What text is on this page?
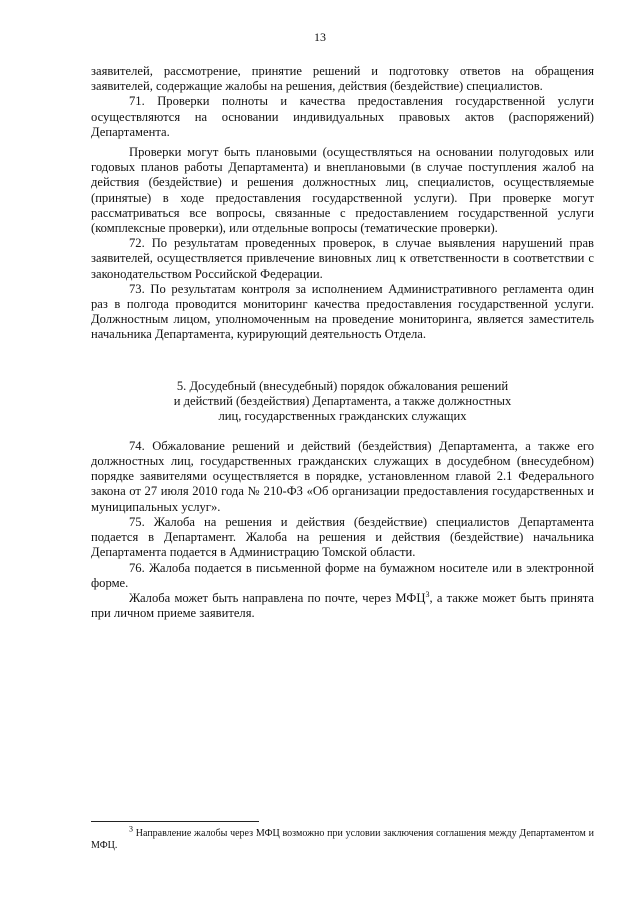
13

заявителей, рассмотрение, принятие решений и подготовку ответов на обращения заявителей, содержащие жалобы на решения, действия (бездействие) специалистов.

71. Проверки полноты и качества предоставления государственной услуги осуществляются на основании индивидуальных правовых актов (распоряжений) Департамента.

Проверки могут быть плановыми (осуществляться на основании полугодовых или годовых планов работы Департамента) и внеплановыми (в случае поступления жалоб на действия (бездействие) и решения должностных лиц, специалистов, осуществляемые (принятые) в ходе предоставления государственной услуги). При проверке могут рассматриваться все вопросы, связанные с предоставлением государственной услуги (комплексные проверки), или отдельные вопросы (тематические проверки).

72. По результатам проведенных проверок, в случае выявления нарушений прав заявителей, осуществляется привлечение виновных лиц к ответственности в соответствии с законодательством Российской Федерации.

73. По результатам контроля за исполнением Административного регламента один раз в полгода проводится мониторинг качества предоставления государственной услуги. Должностным лицом, уполномоченным на проведение мониторинга, является заместитель начальника Департамента, курирующий деятельность Отдела.

5. Досудебный (внесудебный) порядок обжалования решений
и действий (бездействия) Департамента, а также должностных
лиц, государственных гражданских служащих

74. Обжалование решений и действий (бездействия) Департамента, а также его должностных лиц, государственных гражданских служащих в досудебном (внесудебном) порядке заявителями осуществляется в порядке, установленном главой 2.1 Федерального закона от 27 июля 2010 года № 210-ФЗ «Об организации предоставления государственных и муниципальных услуг».

75. Жалоба на решения и действия (бездействие) специалистов Департамента подается в Департамент. Жалоба на решения и действия (бездействие) начальника Департамента подается в Администрацию Томской области.

76. Жалоба подается в письменной форме на бумажном носителе или в электронной форме.

Жалоба может быть направлена по почте, через МФЦ$^3$, а также может быть принята при личном приеме заявителя.

$^3$ Направление жалобы через МФЦ возможно при условии заключения соглашения между Департаментом и МФЦ.
